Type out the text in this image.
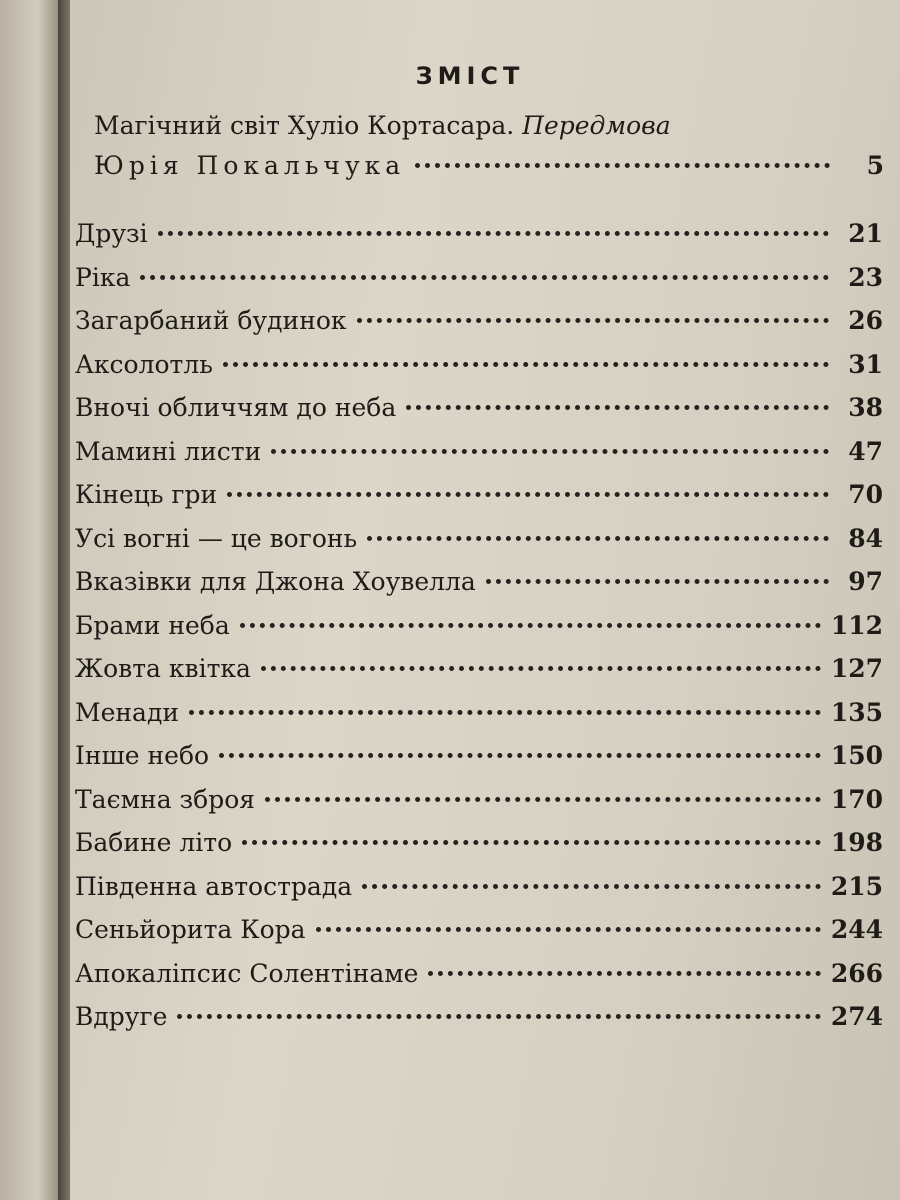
ЗМІСТ
Магічний світ Хуліо Кортасара. Передмова
Юрія Покальчука	5
Друзі	21
Ріка	23
Загарбаний будинок	26
Аксолотль	31
Вночі обличчям до неба	38
Мамині листи	47
Кінець гри	70
Усі вогні — це вогонь	84
Вказівки для Джона Хоувелла	97
Брами неба	112
Жовта квітка	127
Менади	135
Інше небо	150
Таємна зброя	170
Бабине літо	198
Південна автострада	215
Сеньйорита Кора	244
Апокаліпсис Солентінаме	266
Вдруге	274
